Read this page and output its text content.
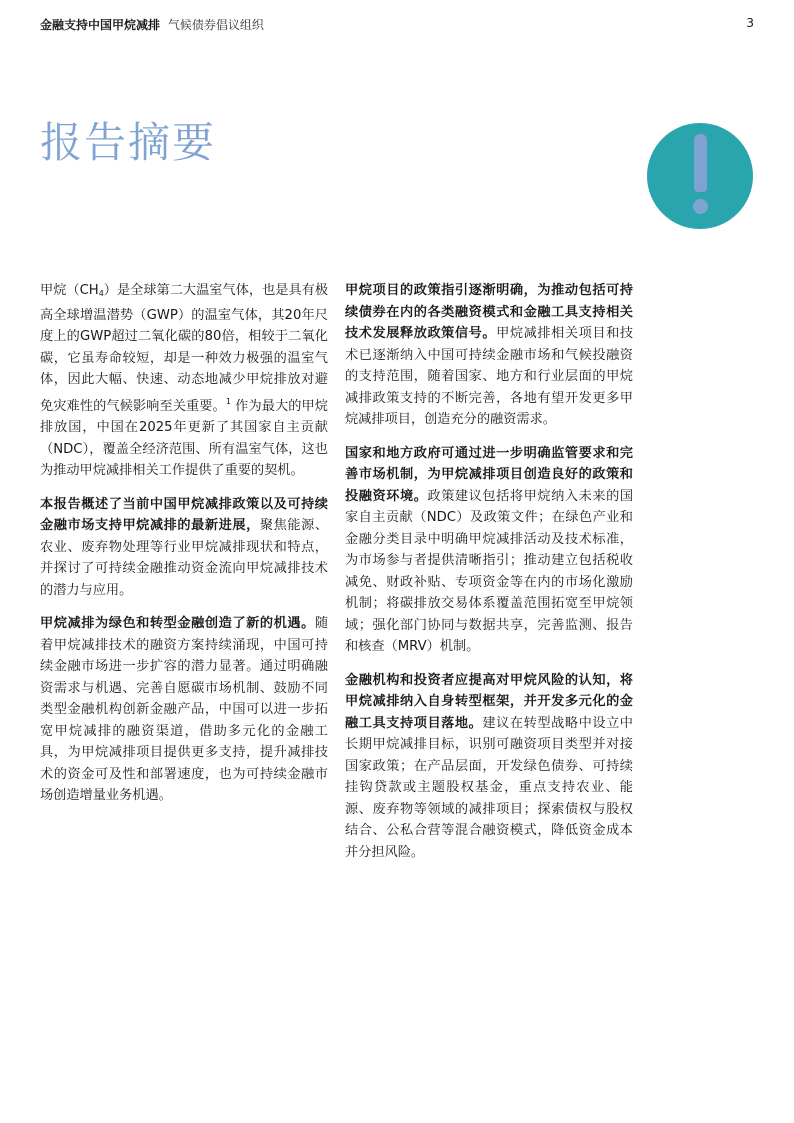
金融支持中国甲烷减排 气候债券倡议组织	3
报告摘要

甲烷$(CH_4)$是全球第二大温室气体，也是具有极高全球增温潜势（GWP）的温室气体，其20年尺度上的GWP超过二氧化碳的80倍，相较于二氧化碳，它虽寿命较短，却是一种效力极强的温室气体，因此大幅、快速、动态地减少甲烷排放对避免灾难性的气候影响至关重要。$^1$ 作为最大的甲烷排放国，中国在2025年更新了其国家自主贡献（NDC），覆盖全经济范围、所有温室气体，这也为推动甲烷减排相关工作提供了重要的契机。

本报告概述了当前中国甲烷减排政策以及可持续金融市场支持甲烷减排的最新进展，聚焦能源、农业、废弃物处理等行业甲烷减排现状和特点，并探讨了可持续金融推动资金流向甲烷减排技术的潜力与应用。

甲烷减排为绿色和转型金融创造了新的机遇。随着甲烷减排技术的融资方案持续涌现，中国可持续金融市场进一步扩容的潜力显著。通过明确融资需求与机遇、完善自愿碳市场机制、鼓励不同类型金融机构创新金融产品，中国可以进一步拓宽甲烷减排的融资渠道，借助多元化的金融工具，为甲烷减排项目提供更多支持，提升减排技术的资金可及性和部署速度，也为可持续金融市场创造增量业务机遇。

甲烷项目的政策指引逐渐明确，为推动包括可持续债券在内的各类融资模式和金融工具支持相关技术发展释放政策信号。甲烷减排相关项目和技术已逐渐纳入中国可持续金融市场和气候投融资的支持范围，随着国家、地方和行业层面的甲烷减排政策支持的不断完善，各地有望开发更多甲烷减排项目，创造充分的融资需求。

国家和地方政府可通过进一步明确监管要求和完善市场机制，为甲烷减排项目创造良好的政策和投融资环境。政策建议包括将甲烷纳入未来的国家自主贡献（NDC）及政策文件；在绿色产业和金融分类目录中明确甲烷减排活动及技术标准，为市场参与者提供清晰指引；推动建立包括税收减免、财政补贴、专项资金等在内的市场化激励机制；将碳排放交易体系覆盖范围拓宽至甲烷领域；强化部门协同与数据共享，完善监测、报告和核查（MRV）机制。

金融机构和投资者应提高对甲烷风险的认知，将甲烷减排纳入自身转型框架，并开发多元化的金融工具支持项目落地。建议在转型战略中设立中长期甲烷减排目标，识别可融资项目类型并对接国家政策；在产品层面，开发绿色债券、可持续挂钩贷款或主题股权基金，重点支持农业、能源、废弃物等领域的减排项目；探索债权与股权结合、公私合营等混合融资模式，降低资金成本并分担风险。
